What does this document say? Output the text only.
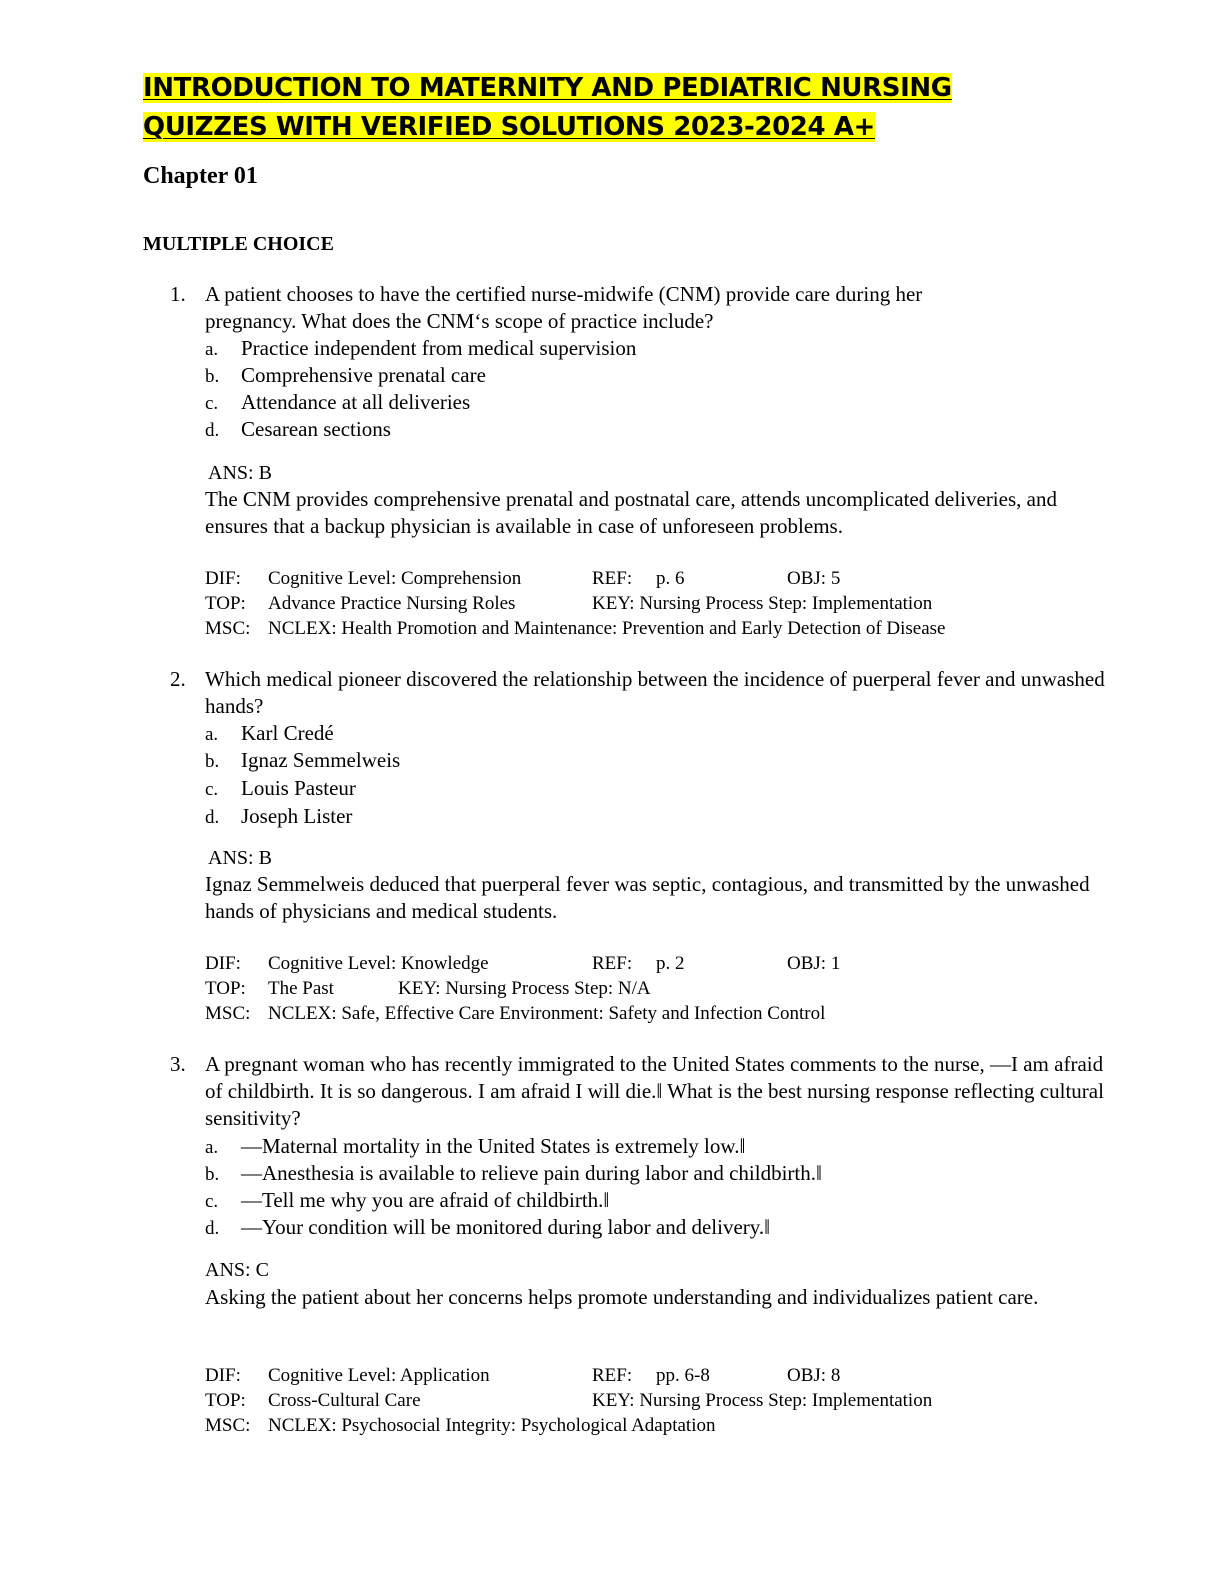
INTRODUCTION TO MATERNITY AND PEDIATRIC NURSING
QUIZZES WITH VERIFIED SOLUTIONS 2023-2024 A+
Chapter 01
MULTIPLE CHOICE
1. A patient chooses to have the certified nurse-midwife (CNM) provide care during her pregnancy. What does the CNM‘s scope of practice include?
a. Practice independent from medical supervision
b. Comprehensive prenatal care
c. Attendance at all deliveries
d. Cesarean sections
ANS: B
The CNM provides comprehensive prenatal and postnatal care, attends uncomplicated deliveries, and ensures that a backup physician is available in case of unforeseen problems.
DIF: Cognitive Level: Comprehension	REF: p. 6	OBJ: 5
TOP: Advance Practice Nursing Roles	KEY: Nursing Process Step: Implementation
MSC: NCLEX: Health Promotion and Maintenance: Prevention and Early Detection of Disease
2. Which medical pioneer discovered the relationship between the incidence of puerperal fever and unwashed hands?
a. Karl Credé
b. Ignaz Semmelweis
c. Louis Pasteur
d. Joseph Lister
ANS: B
Ignaz Semmelweis deduced that puerperal fever was septic, contagious, and transmitted by the unwashed hands of physicians and medical students.
DIF: Cognitive Level: Knowledge	REF: p. 2	OBJ: 1
TOP: The Past	KEY: Nursing Process Step: N/A
MSC: NCLEX: Safe, Effective Care Environment: Safety and Infection Control
3. A pregnant woman who has recently immigrated to the United States comments to the nurse, ―I am afraid of childbirth. It is so dangerous. I am afraid I will die.‖ What is the best nursing response reflecting cultural sensitivity?
a. ―Maternal mortality in the United States is extremely low.‖
b. ―Anesthesia is available to relieve pain during labor and childbirth.‖
c. ―Tell me why you are afraid of childbirth.‖
d. ―Your condition will be monitored during labor and delivery.‖
ANS: C
Asking the patient about her concerns helps promote understanding and individualizes patient care.
DIF: Cognitive Level: Application	REF: pp. 6-8	OBJ: 8
TOP: Cross-Cultural Care	KEY: Nursing Process Step: Implementation
MSC: NCLEX: Psychosocial Integrity: Psychological Adaptation
